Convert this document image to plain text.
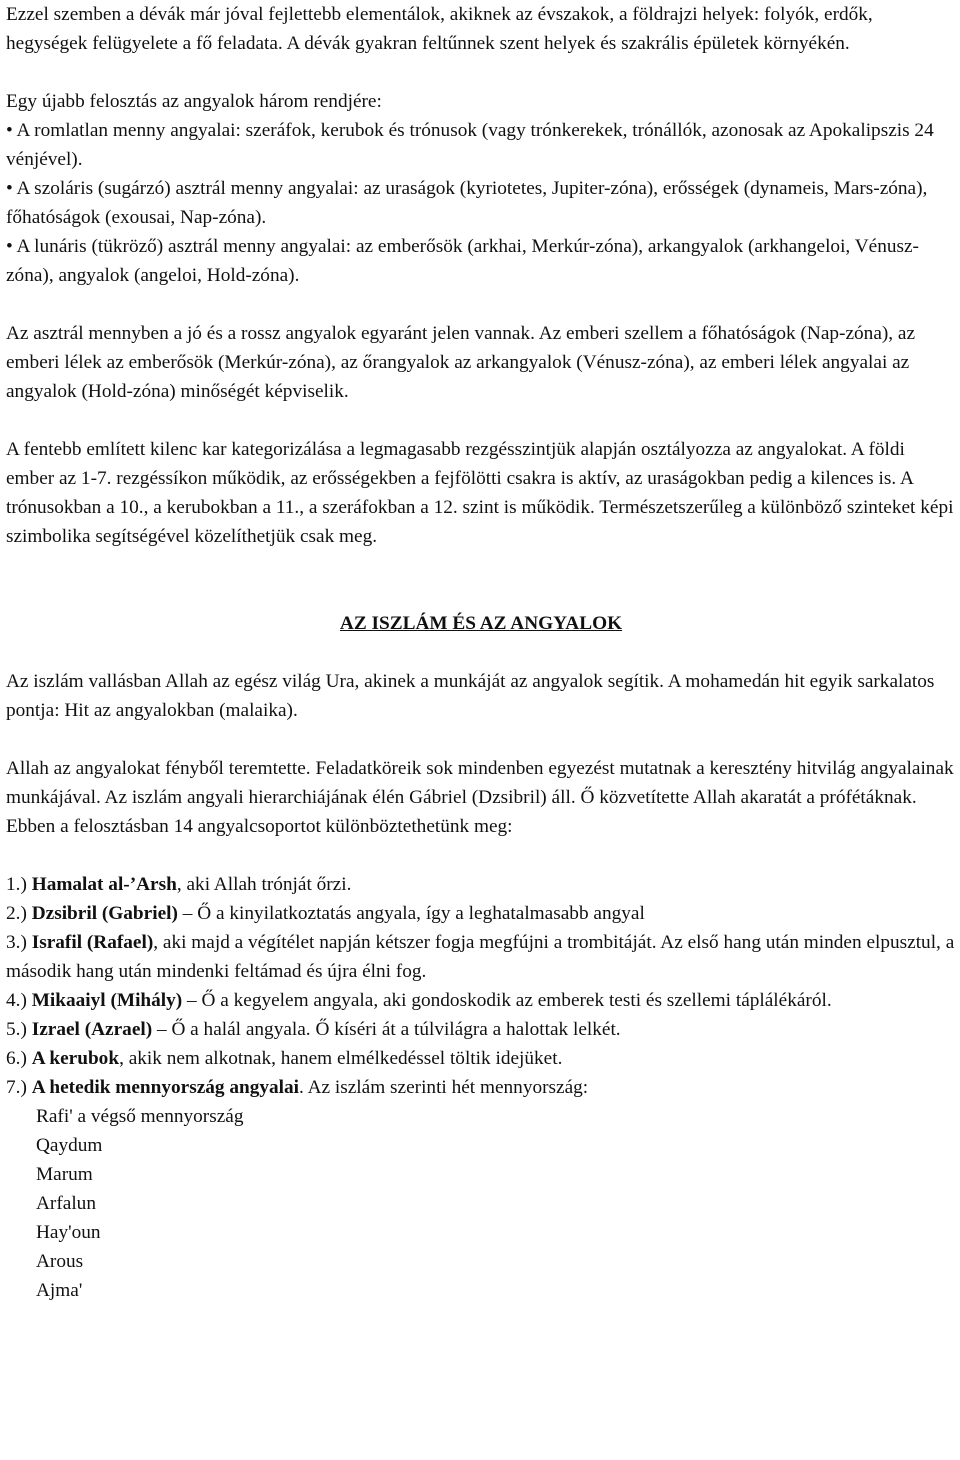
Ezzel szemben a dévák már jóval fejlettebb elementálok, akiknek az évszakok, a földrajzi helyek: folyók, erdők, hegységek felügyelete a fő feladata. A dévák gyakran feltűnnek szent helyek és szakrális épületek környékén.

Egy újabb felosztás az angyalok három rendjére:

• A romlatlan menny angyalai: szeráfok, kerubok és trónusok (vagy trónkerekek, trónállók, azonosak az Apokalipszis 24 vénjével).

• A szoláris (sugárzó) asztrál menny angyalai: az uraságok (kyriotetes, Jupiter-zóna), erősségek (dynameis, Mars-zóna), főhatóságok (exousai, Nap-zóna).

• A lunáris (tükröző) asztrál menny angyalai: az emberősök (arkhai, Merkúr-zóna), arkangyalok (arkhangeloi, Vénusz-zóna), angyalok (angeloi, Hold-zóna).

Az asztrál mennyben a jó és a rossz angyalok egyaránt jelen vannak. Az emberi szellem a főhatóságok (Nap-zóna), az emberi lélek az emberősök (Merkúr-zóna), az őrangyalok az arkangyalok (Vénusz-zóna), az emberi lélek angyalai az angyalok (Hold-zóna) minőségét képviselik.

A fentebb említett kilenc kar kategorizálása a legmagasabb rezgésszintjük alapján osztályozza az angyalokat. A földi ember az 1-7. rezgéssíkon működik, az erősségekben a fejfölötti csakra is aktív, az uraságokban pedig a kilences is. A trónusokban a 10., a kerubokban a 11., a szeráfokban a 12. szint is működik. Természetszerűleg a különböző szinteket képi szimbolika segítségével közelíthetjük csak meg.

AZ ISZLÁM ÉS AZ ANGYALOK

Az iszlám vallásban Allah az egész világ Ura, akinek a munkáját az angyalok segítik. A mohamedán hit egyik sarkalatos pontja: Hit az angyalokban (malaika).

Allah az angyalokat fényből teremtette. Feladatköreik sok mindenben egyezést mutatnak a keresztény hitvilág angyalainak munkájával. Az iszlám angyali hierarchiájának élén Gábriel (Dzsibril) áll. Ő közvetítette Allah akaratát a prófétáknak. Ebben a felosztásban 14 angyalcsoportot különböztethetünk meg:

1.) Hamalat al-’Arsh, aki Allah trónját őrzi.

2.) Dzsibril (Gabriel) – Ő a kinyilatkoztatás angyala, így a leghatalmasabb angyal

3.) Israfil (Rafael), aki majd a végítélet napján kétszer fogja megfújni a trombitáját. Az első hang után minden elpusztul, a második hang után mindenki feltámad és újra élni fog.

4.) Mikaaiyl (Mihály) – Ő a kegyelem angyala, aki gondoskodik az emberek testi és szellemi táplálékáról.

5.) Izrael (Azrael) – Ő a halál angyala. Ő kíséri át a túlvilágra a halottak lelkét.

6.) A kerubok, akik nem alkotnak, hanem elmélkedéssel töltik idejüket.

7.) A hetedik mennyország angyalai. Az iszlám szerinti hét mennyország:

Rafi' a végső mennyország
Qaydum
Marum
Arfalun
Hay'oun
Arous
Ajma'
